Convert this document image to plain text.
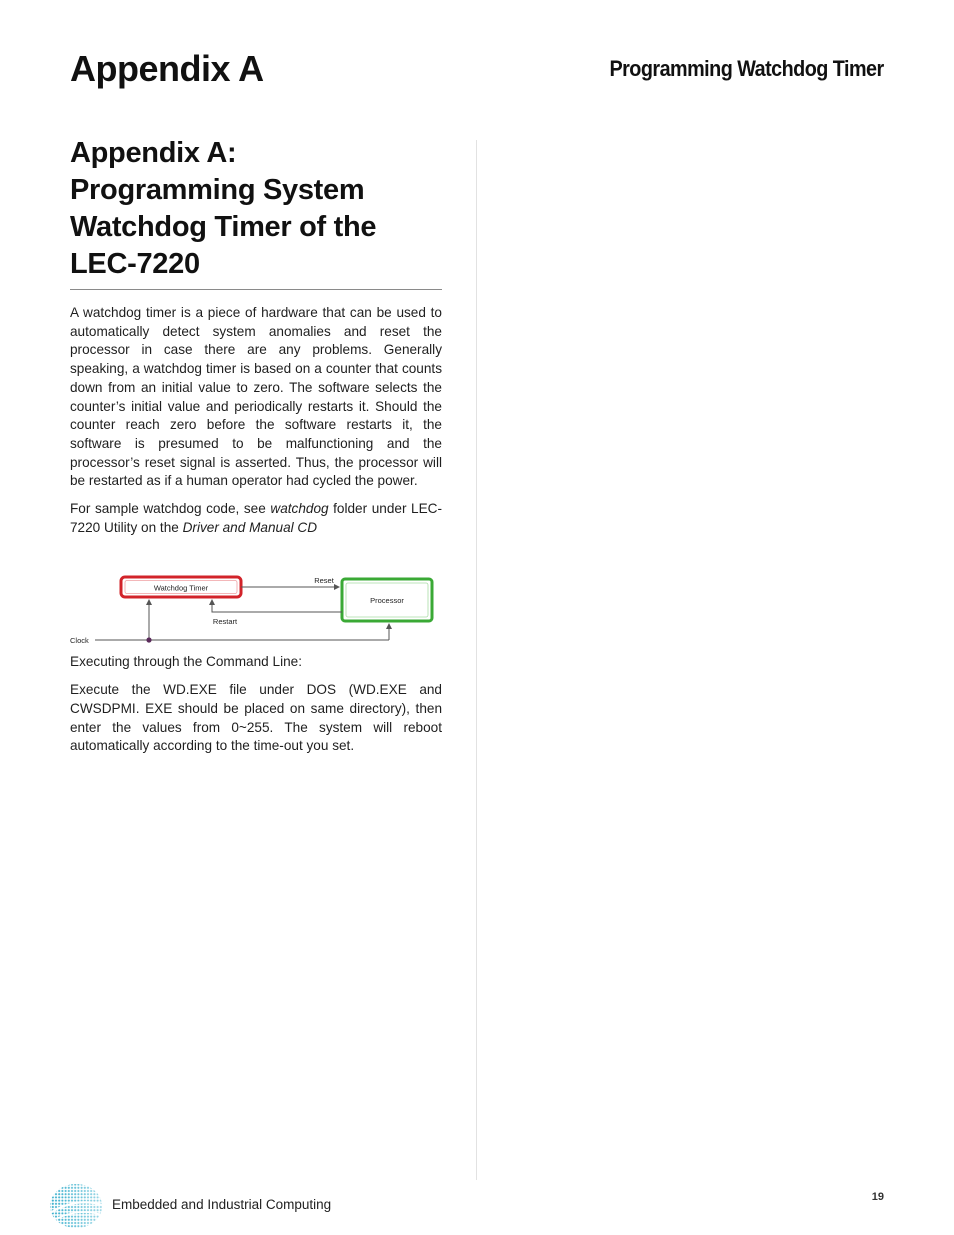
Appendix A	Programming Watchdog Timer
Appendix A:
Programming System
Watchdog Timer of the
LEC-7220

A watchdog timer is a piece of hardware that can be used to automatically detect system anomalies and reset the processor in case there are any problems. Generally speaking, a watchdog timer is based on a counter that counts down from an initial value to zero. The software selects the counter’s initial value and periodically restarts it. Should the counter reach zero before the software restarts it, the software is presumed to be malfunctioning and the processor’s reset signal is asserted. Thus, the processor will be restarted as if a human operator had cycled the power.

For sample watchdog code, see watchdog folder under LEC-7220 Utility on the Driver and Manual CD

Watchdog Timer
Processor
Reset
Restart
Clock

Executing through the Command Line:

Execute the WD.EXE file under DOS (WD.EXE and CWSDPMI. EXE should be placed on same directory), then enter the values from 0~255. The system will reboot automatically according to the time-out you set.

Embedded and Industrial Computing	19
